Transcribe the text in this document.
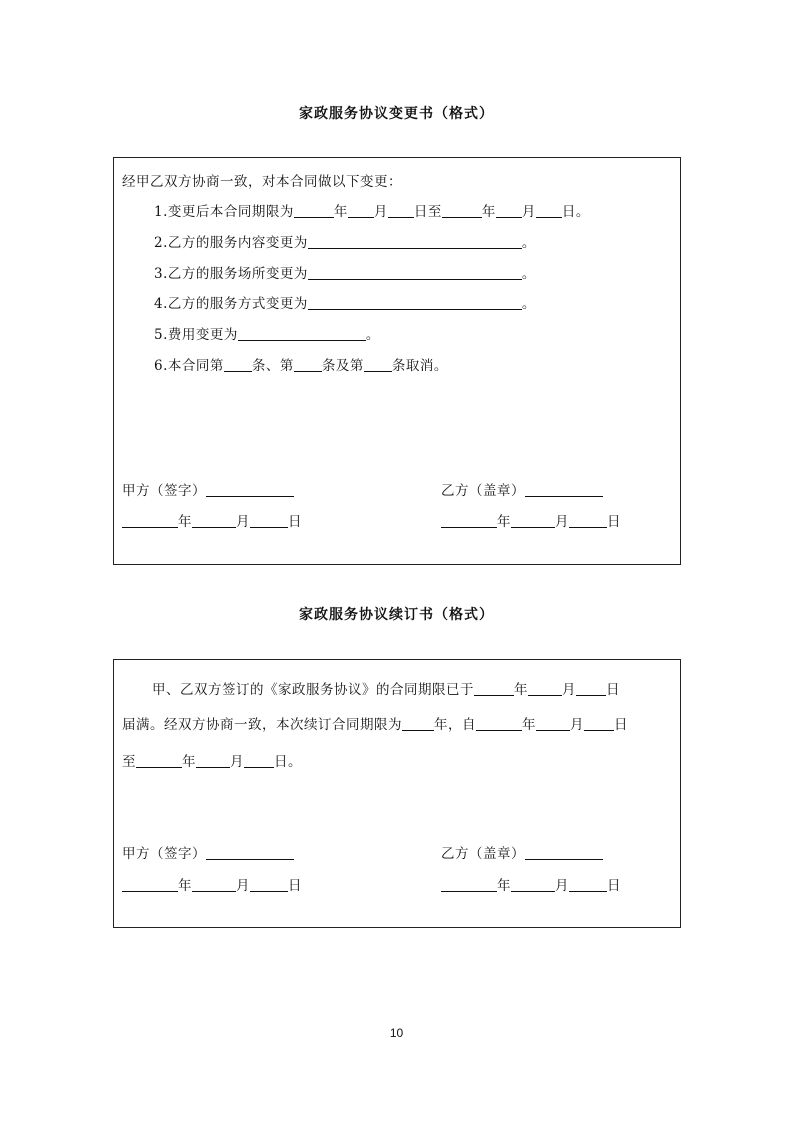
家政服务协议变更书（格式）
经甲乙双方协商一致，对本合同做以下变更：
1.变更后本合同期限为	年 月 日至	年 月 日。
2.乙方的服务内容变更为	。
3.乙方的服务场所变更为	。
4.乙方的服务方式变更为	。
5.费用变更为	。
6.本合同第 条、第 条及第 条取消。
甲方（签字）	乙方（盖章）
年	月	日	年	月	日
家政服务协议续订书（格式）
甲、乙双方签订的《家政服务协议》的合同期限已于	年	月 日
届满。经双方协商一致，本次续订合同期限为 年，自	年	月 日
至	年	月 日。
甲方（签字）	乙方（盖章）
年	月	日	年	月	日
10
